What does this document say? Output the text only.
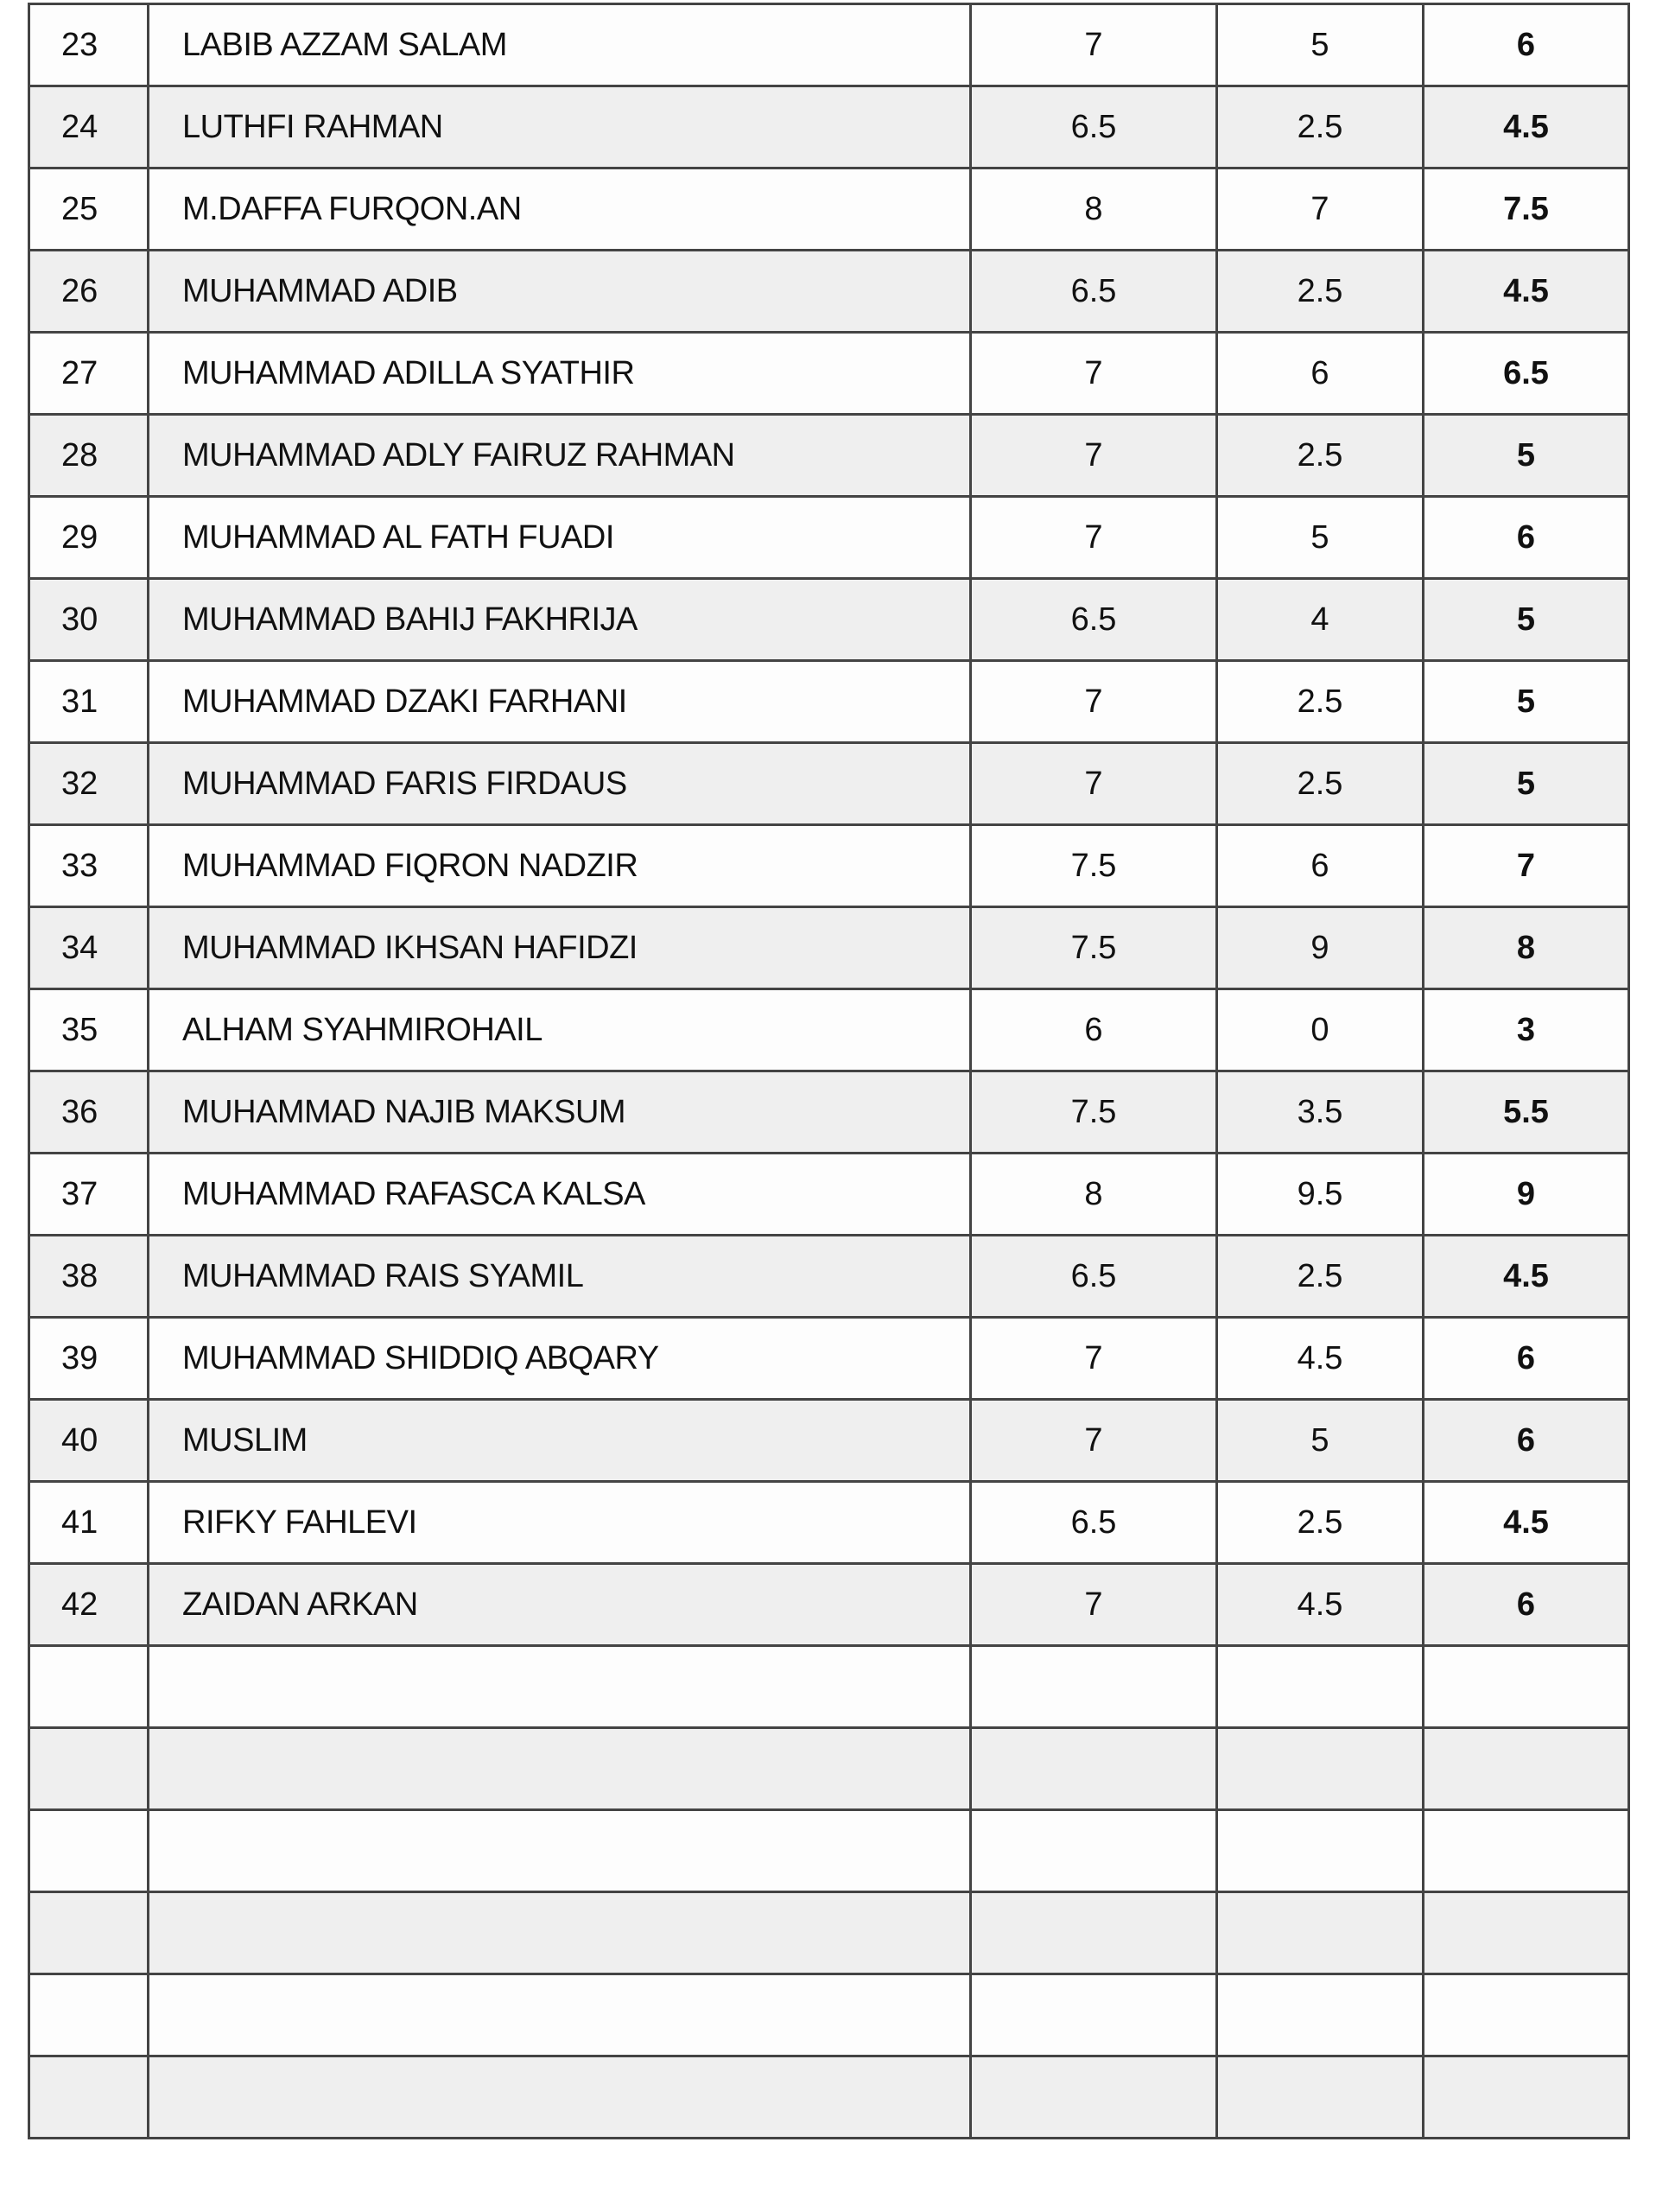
23	LABIB AZZAM SALAM	7	5	6
24	LUTHFI RAHMAN	6.5	2.5	4.5
25	M.DAFFA FURQON.AN	8	7	7.5
26	MUHAMMAD ADIB	6.5	2.5	4.5
27	MUHAMMAD ADILLA SYATHIR	7	6	6.5
28	MUHAMMAD ADLY FAIRUZ RAHMAN	7	2.5	5
29	MUHAMMAD AL FATH FUADI	7	5	6
30	MUHAMMAD BAHIJ FAKHRIJA	6.5	4	5
31	MUHAMMAD DZAKI FARHANI	7	2.5	5
32	MUHAMMAD FARIS FIRDAUS	7	2.5	5
33	MUHAMMAD FIQRON NADZIR	7.5	6	7
34	MUHAMMAD IKHSAN HAFIDZI	7.5	9	8
35	ALHAM SYAHMIROHAIL	6	0	3
36	MUHAMMAD NAJIB MAKSUM	7.5	3.5	5.5
37	MUHAMMAD RAFASCA KALSA	8	9.5	9
38	MUHAMMAD RAIS SYAMIL	6.5	2.5	4.5
39	MUHAMMAD SHIDDIQ ABQARY	7	4.5	6
40	MUSLIM	7	5	6
41	RIFKY FAHLEVI	6.5	2.5	4.5
42	ZAIDAN ARKAN	7	4.5	6
